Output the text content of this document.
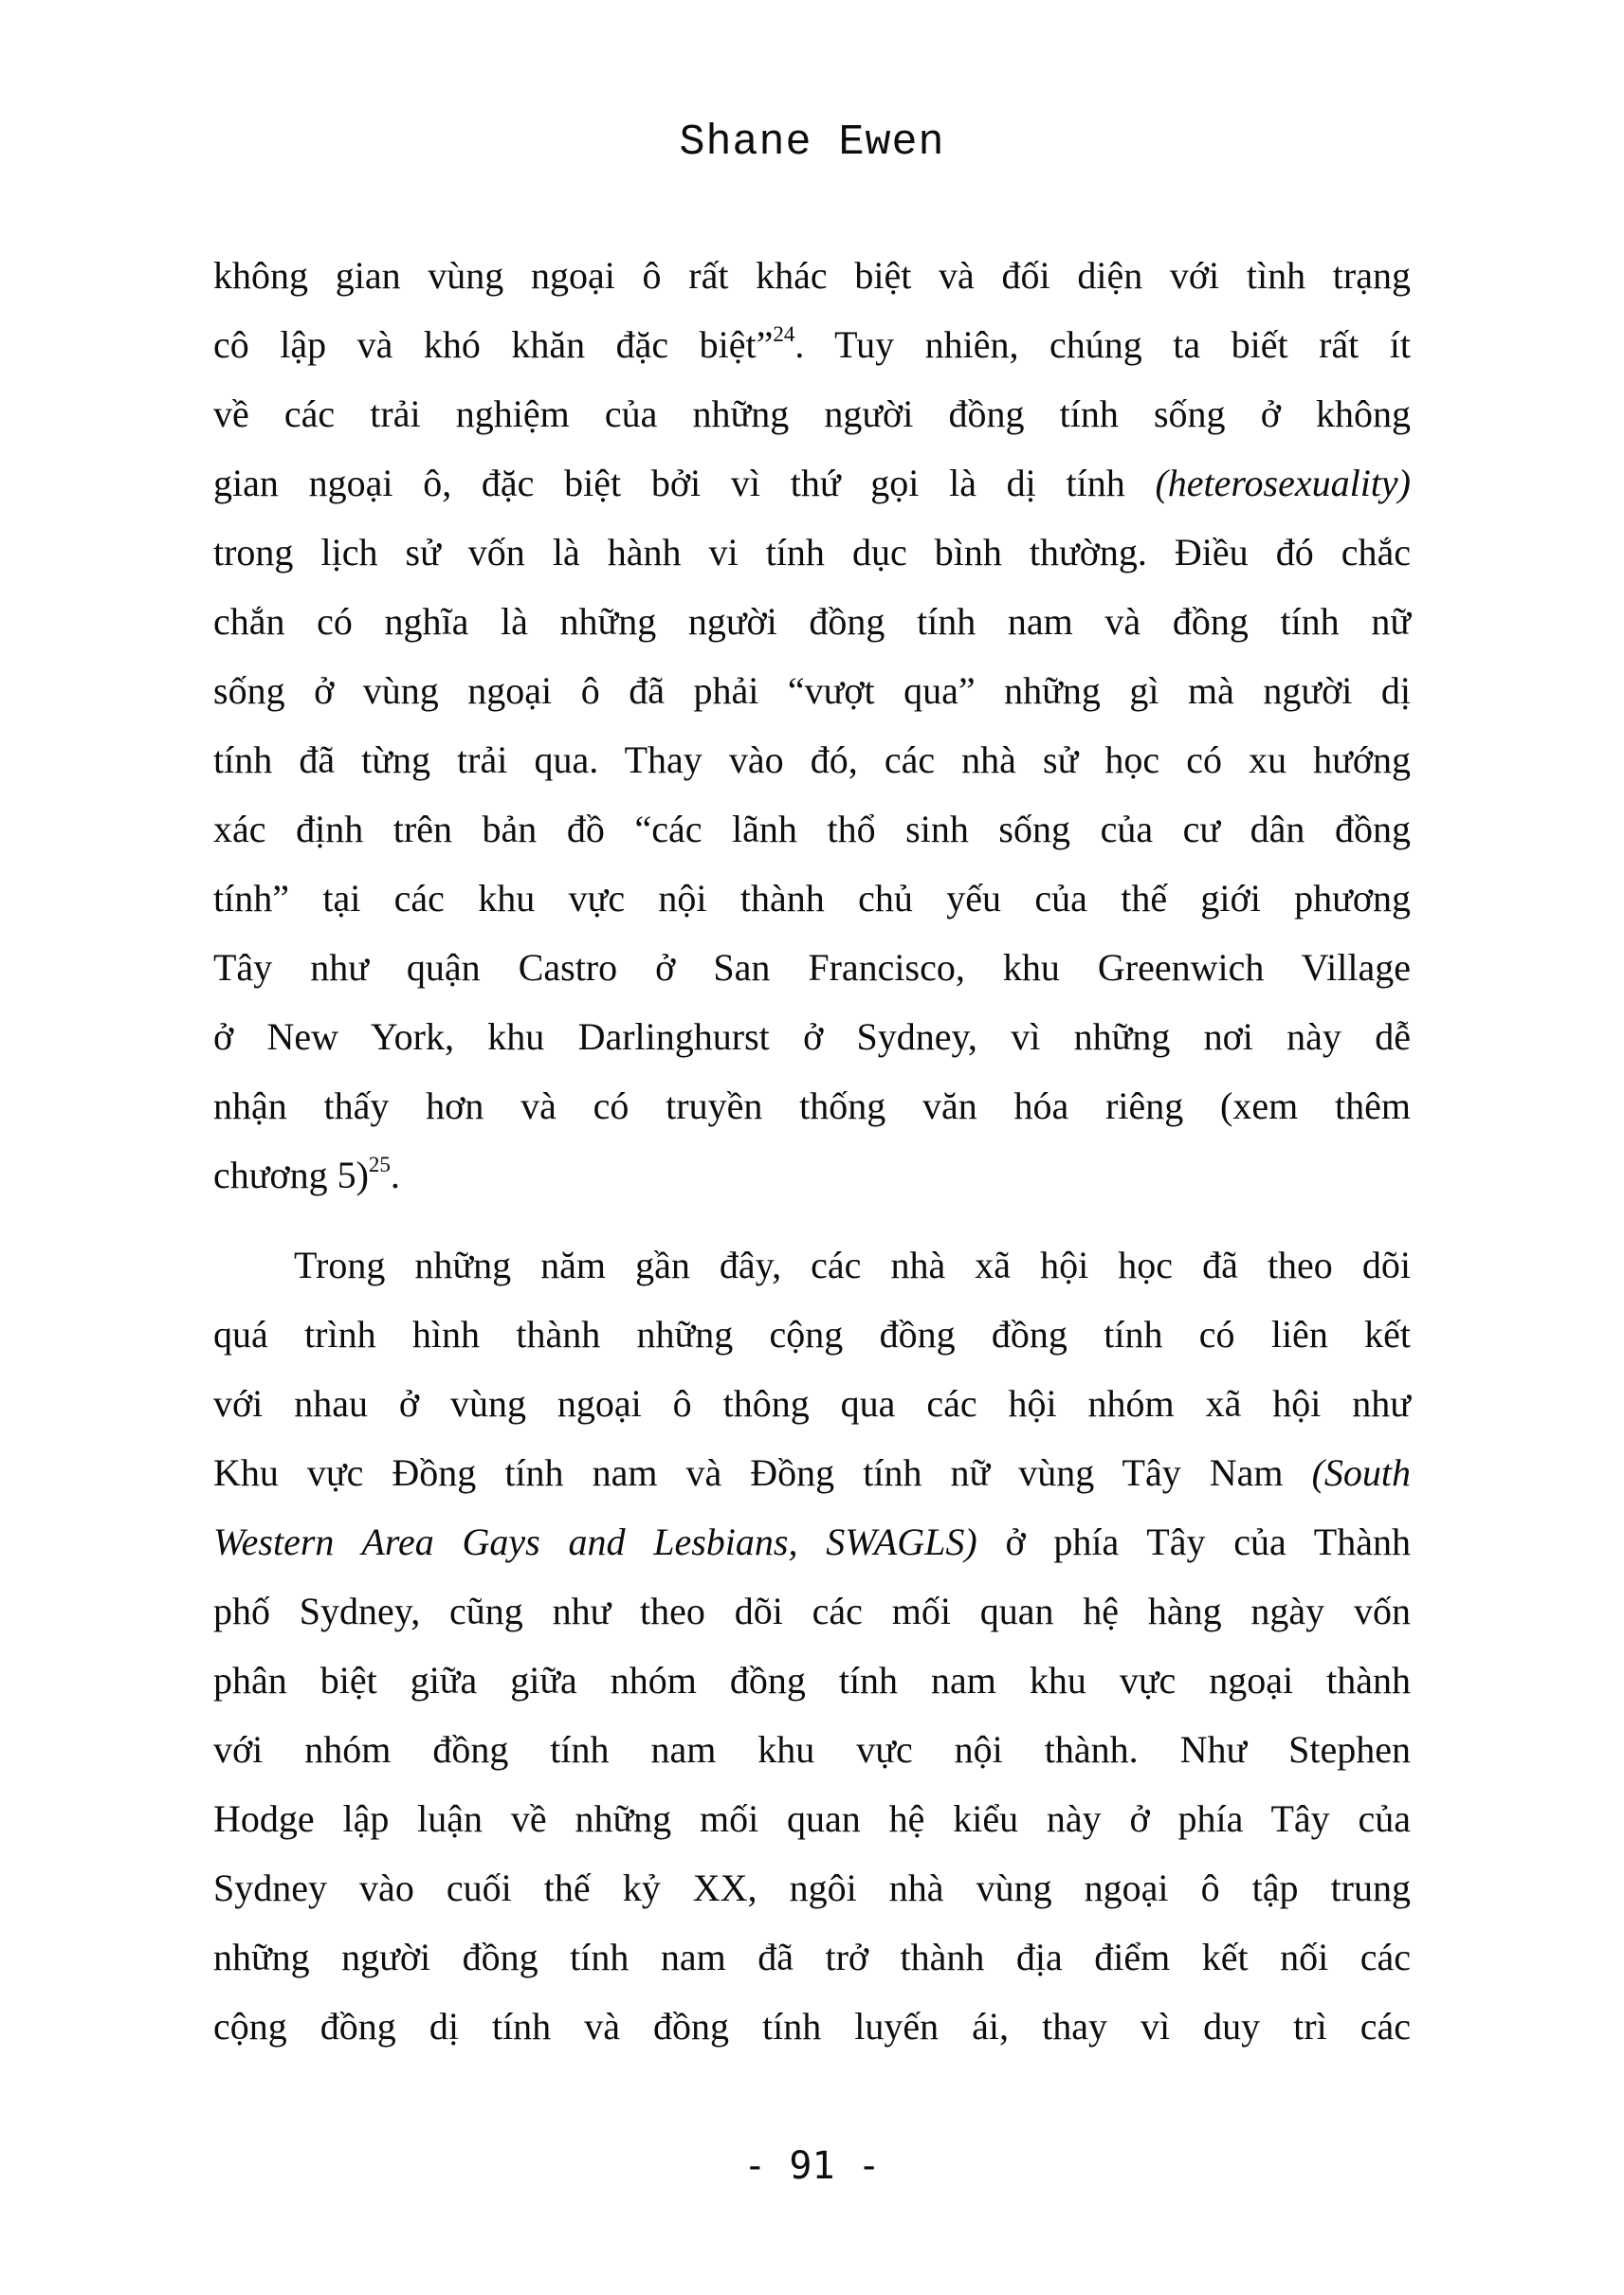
Shane Ewen
không gian vùng ngoại ô rất khác biệt và đối diện với tình trạng
cô lập và khó khăn đặc biệt”$^{24}$. Tuy nhiên, chúng ta biết rất ít
về các trải nghiệm của những người đồng tính sống ở không
gian ngoại ô, đặc biệt bởi vì thứ gọi là dị tính (heterosexuality)
trong lịch sử vốn là hành vi tính dục bình thường. Điều đó chắc
chắn có nghĩa là những người đồng tính nam và đồng tính nữ
sống ở vùng ngoại ô đã phải “vượt qua” những gì mà người dị
tính đã từng trải qua. Thay vào đó, các nhà sử học có xu hướng
xác định trên bản đồ “các lãnh thổ sinh sống của cư dân đồng
tính” tại các khu vực nội thành chủ yếu của thế giới phương
Tây như quận Castro ở San Francisco, khu Greenwich Village
ở New York, khu Darlinghurst ở Sydney, vì những nơi này dễ
nhận thấy hơn và có truyền thống văn hóa riêng (xem thêm
chương 5)$^{25}$.
Trong những năm gần đây, các nhà xã hội học đã theo dõi
quá trình hình thành những cộng đồng đồng tính có liên kết
với nhau ở vùng ngoại ô thông qua các hội nhóm xã hội như
Khu vực Đồng tính nam và Đồng tính nữ vùng Tây Nam (South
Western Area Gays and Lesbians, SWAGLS) ở phía Tây của Thành
phố Sydney, cũng như theo dõi các mối quan hệ hàng ngày vốn
phân biệt giữa giữa nhóm đồng tính nam khu vực ngoại thành
với nhóm đồng tính nam khu vực nội thành. Như Stephen
Hodge lập luận về những mối quan hệ kiểu này ở phía Tây của
Sydney vào cuối thế kỷ XX, ngôi nhà vùng ngoại ô tập trung
những người đồng tính nam đã trở thành địa điểm kết nối các
cộng đồng dị tính và đồng tính luyến ái, thay vì duy trì các
- 91 -
